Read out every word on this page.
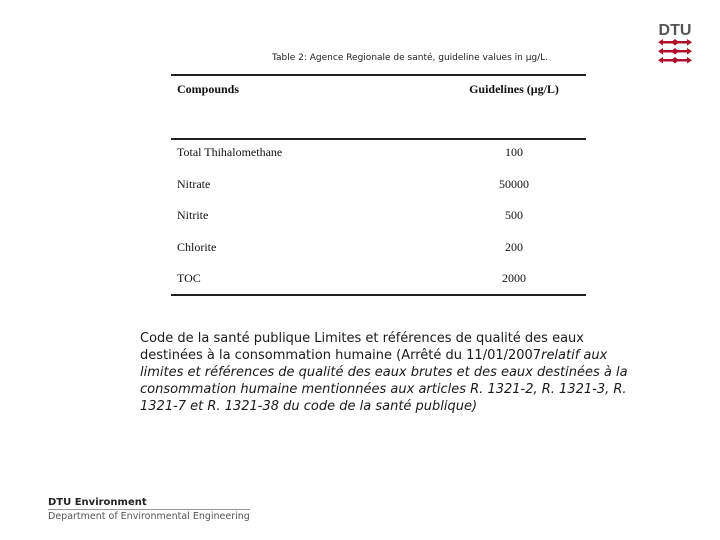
Table 2: Agence Regionale de santé, guideline values in μg/L.
Compounds	Guidelines (μg/L)
Total Thihalomethane	100
Nitrate	50000
Nitrite	500
Chlorite	200
TOC	2000
Code de la santé publique Limites et références de qualité des eaux destinées à la consommation humaine (Arrêté du 11/01/2007relatif aux limites et références de qualité des eaux brutes et des eaux destinées à la consommation humaine mentionnées aux articles R. 1321-2, R. 1321-3, R. 1321-7 et R. 1321-38 du code de la santé publique)
DTU
DTU Environment
Department of Environmental Engineering
